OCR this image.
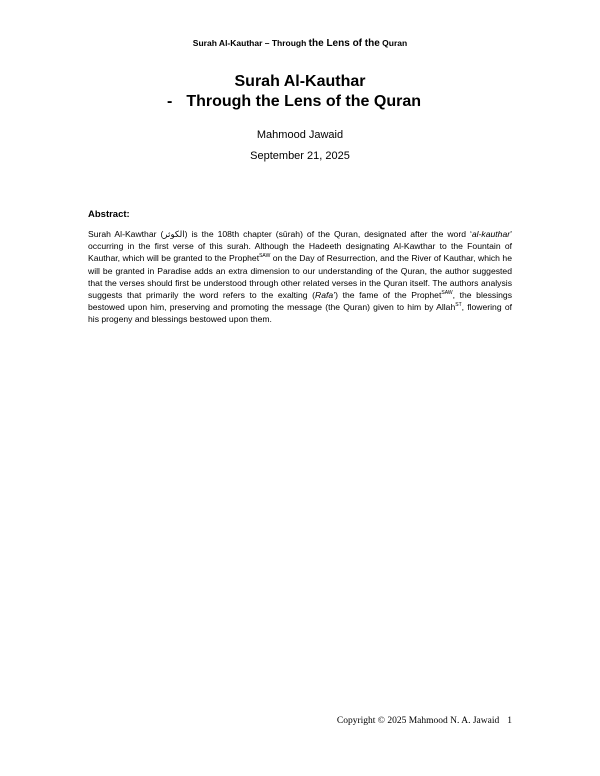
Surah Al-Kauthar – Through the Lens of the Quran
Surah Al-Kauthar
- Through the Lens of the Quran
Mahmood Jawaid
September 21, 2025
Abstract:
Surah Al-Kawthar (الكوثر) is the 108th chapter (sūrah) of the Quran, designated after the word ‘al-kauthar’ occurring in the first verse of this surah. Although the Hadeeth designating Al-Kawthar to the Fountain of Kauthar, which will be granted to the Prophet$^{SAW}$ on the Day of Resurrection, and the River of Kauthar, which he will be granted in Paradise adds an extra dimension to our understanding of the Quran, the author suggested that the verses should first be understood through other related verses in the Quran itself. The authors analysis suggests that primarily the word refers to the exalting (Rafa’) the fame of the Prophet$^{SAW}$, the blessings bestowed upon him, preserving and promoting the message (the Quran) given to him by Allah$^{ST}$, flowering of his progeny and blessings bestowed upon them.
Copyright © 2025 Mahmood N. A. Jawaid 1
